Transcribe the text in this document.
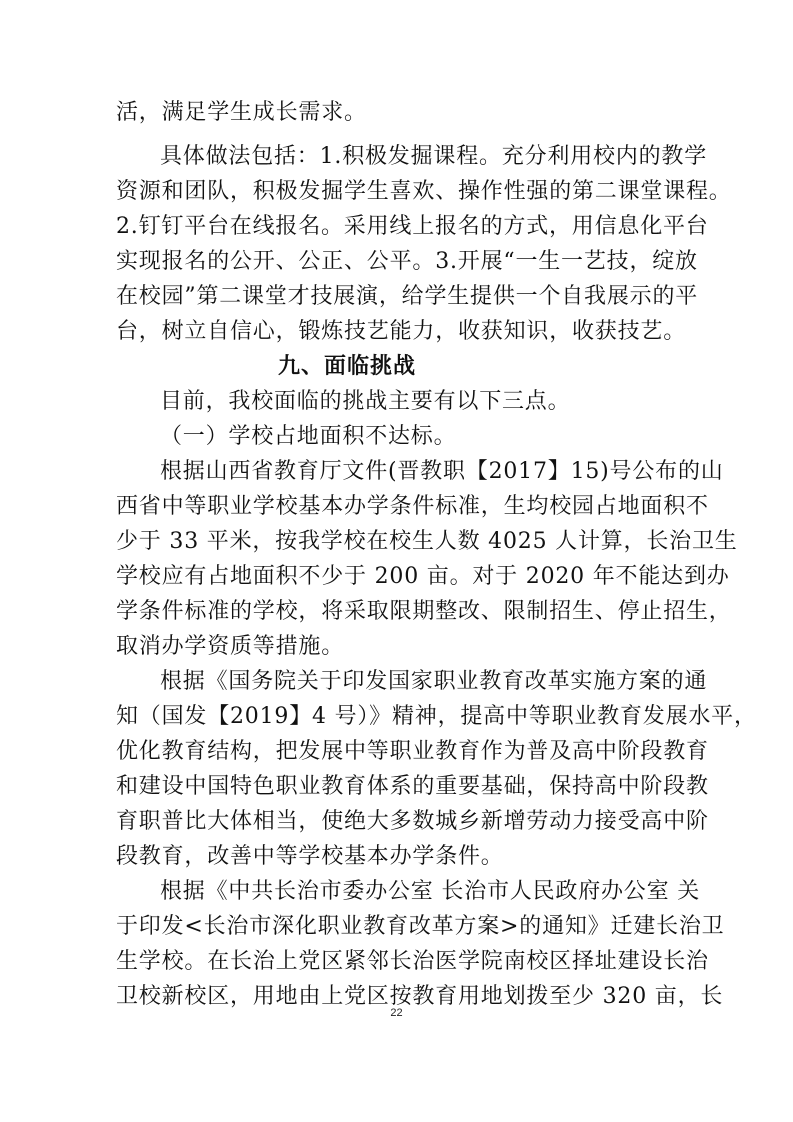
活，满足学生成长需求。
具体做法包括：1.积极发掘课程。充分利用校内的教学
资源和团队，积极发掘学生喜欢、操作性强的第二课堂课程。
2.钉钉平台在线报名。采用线上报名的方式，用信息化平台
实现报名的公开、公正、公平。3.开展“一生一艺技，绽放
在校园”第二课堂才技展演，给学生提供一个自我展示的平
台，树立自信心，锻炼技艺能力，收获知识，收获技艺。
九、面临挑战
目前，我校面临的挑战主要有以下三点。
（一）学校占地面积不达标。
根据山西省教育厅文件(晋教职【2017】15)号公布的山
西省中等职业学校基本办学条件标准，生均校园占地面积不
少于 33 平米，按我学校在校生人数 4025 人计算，长治卫生
学校应有占地面积不少于 200 亩。对于 2020 年不能达到办
学条件标准的学校，将采取限期整改、限制招生、停止招生，
取消办学资质等措施。
根据《国务院关于印发国家职业教育改革实施方案的通
知（国发【2019】4 号）》精神，提高中等职业教育发展水平，
优化教育结构，把发展中等职业教育作为普及高中阶段教育
和建设中国特色职业教育体系的重要基础，保持高中阶段教
育职普比大体相当，使绝大多数城乡新增劳动力接受高中阶
段教育，改善中等学校基本办学条件。
根据《中共长治市委办公室 长治市人民政府办公室 关
于印发<长治市深化职业教育改革方案>的通知》迁建长治卫
生学校。在长治上党区紧邻长治医学院南校区择址建设长治
卫校新校区，用地由上党区按教育用地划拨至少 320 亩，长
22
